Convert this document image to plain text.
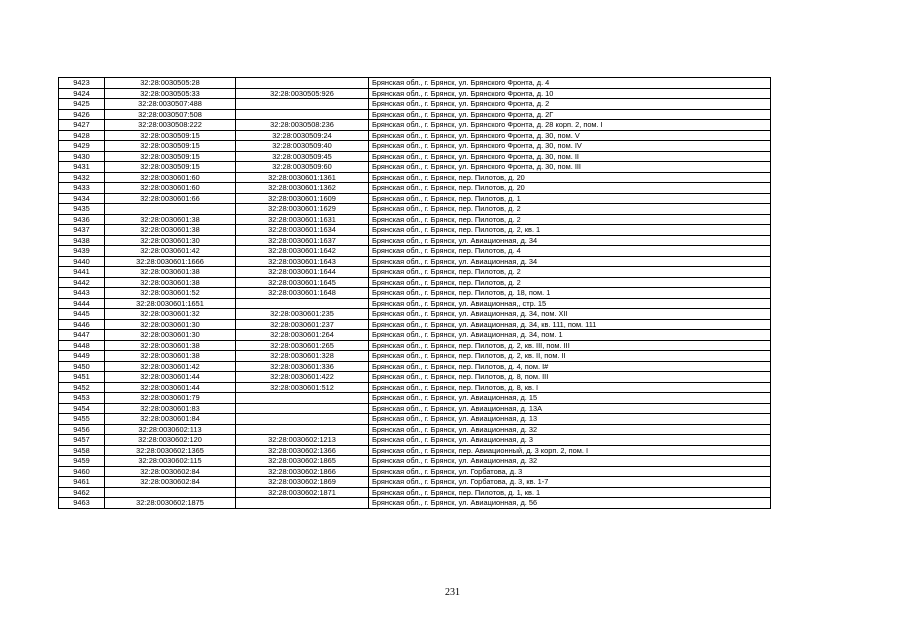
9423	32:28:0030505:28		Брянская обл., г. Брянск, ул. Брянского Фронта, д. 4
9424	32:28:0030505:33	32:28:0030505:926	Брянская обл., г. Брянск, ул. Брянского Фронта, д. 10
9425	32:28:0030507:488		Брянская обл., г. Брянск, ул. Брянского Фронта, д. 2
9426	32:28:0030507:508		Брянская обл., г. Брянск, ул. Брянского Фронта, д. 2Г
9427	32:28:0030508:222	32:28:0030508:236	Брянская обл., г. Брянск, ул. Брянского Фронта, д. 28 корп. 2, пом. I
9428	32:28:0030509:15	32:28:0030509:24	Брянская обл., г. Брянск, ул. Брянского Фронта, д. 30, пом. V
9429	32:28:0030509:15	32:28:0030509:40	Брянская обл., г. Брянск, ул. Брянского Фронта, д. 30, пом. IV
9430	32:28:0030509:15	32:28:0030509:45	Брянская обл., г. Брянск, ул. Брянского Фронта, д. 30, пом. II
9431	32:28:0030509:15	32:28:0030509:60	Брянская обл., г. Брянск, ул. Брянского Фронта, д. 30, пом. III
9432	32:28:0030601:60	32:28:0030601:1361	Брянская обл., г. Брянск, пер. Пилотов, д. 20
9433	32:28:0030601:60	32:28:0030601:1362	Брянская обл., г. Брянск, пер. Пилотов, д. 20
9434	32:28:0030601:66	32:28:0030601:1609	Брянская обл., г. Брянск, пер. Пилотов, д. 1
9435		32:28:0030601:1629	Брянская обл., г. Брянск, пер. Пилотов, д. 2
9436	32:28:0030601:38	32:28:0030601:1631	Брянская обл., г. Брянск, пер. Пилотов, д. 2
9437	32:28:0030601:38	32:28:0030601:1634	Брянская обл., г. Брянск, пер. Пилотов, д. 2, кв. 1
9438	32:28:0030601:30	32:28:0030601:1637	Брянская обл., г. Брянск, ул. Авиационная, д. 34
9439	32:28:0030601:42	32:28:0030601:1642	Брянская обл., г. Брянск, пер. Пилотов, д. 4
9440	32:28:0030601:1666	32:28:0030601:1643	Брянская обл., г. Брянск, ул. Авиационная, д. 34
9441	32:28:0030601:38	32:28:0030601:1644	Брянская обл., г. Брянск, пер. Пилотов, д. 2
9442	32:28:0030601:38	32:28:0030601:1645	Брянская обл., г. Брянск, пер. Пилотов, д. 2
9443	32:28:0030601:52	32:28:0030601:1648	Брянская обл., г. Брянск, пер. Пилотов, д. 18, пом. 1
9444	32:28:0030601:1651		Брянская обл., г. Брянск, ул. Авиационная,, стр. 15
9445	32:28:0030601:32	32:28:0030601:235	Брянская обл., г. Брянск, ул. Авиационная, д. 34, пом. XII
9446	32:28:0030601:30	32:28:0030601:237	Брянская обл., г. Брянск, ул. Авиационная, д. 34, кв. 111, пом. 111
9447	32:28:0030601:30	32:28:0030601:264	Брянская обл., г. Брянск, ул. Авиационная, д. 34, пом. 1
9448	32:28:0030601:38	32:28:0030601:265	Брянская обл., г. Брянск, пер. Пилотов, д. 2, кв. III, пом. III
9449	32:28:0030601:38	32:28:0030601:328	Брянская обл., г. Брянск, пер. Пилотов, д. 2, кв. II, пом. II
9450	32:28:0030601:42	32:28:0030601:336	Брянская обл., г. Брянск, пер. Пилотов, д. 4, пом. I#
9451	32:28:0030601:44	32:28:0030601:422	Брянская обл., г. Брянск, пер. Пилотов, д. 8, пом. III
9452	32:28:0030601:44	32:28:0030601:512	Брянская обл., г. Брянск, пер. Пилотов, д. 8, кв. I
9453	32:28:0030601:79		Брянская обл., г. Брянск, ул. Авиационная, д. 15
9454	32:28:0030601:83		Брянская обл., г. Брянск, ул. Авиационная, д. 13А
9455	32:28:0030601:84		Брянская обл., г. Брянск, ул. Авиационная, д. 13
9456	32:28:0030602:113		Брянская обл., г. Брянск, ул. Авиационная, д. 32
9457	32:28:0030602:120	32:28:0030602:1213	Брянская обл., г. Брянск, ул. Авиационная, д. 3
9458	32:28:0030602:1365	32:28:0030602:1366	Брянская обл., г. Брянск, пер. Авиационный, д. 3 корп. 2, пом. I
9459	32:28:0030602:115	32:28:0030602:1865	Брянская обл., г. Брянск, ул. Авиационная, д. 32
9460	32:28:0030602:84	32:28:0030602:1866	Брянская обл., г. Брянск, ул. Горбатова, д. 3
9461	32:28:0030602:84	32:28:0030602:1869	Брянская обл., г. Брянск, ул. Горбатова, д. 3, кв. 1-7
9462		32:28:0030602:1871	Брянская обл., г. Брянск, пер. Пилотов, д. 1, кв. 1
9463	32:28:0030602:1875		Брянская обл., г. Брянск, ул. Авиационная, д. 56
231
